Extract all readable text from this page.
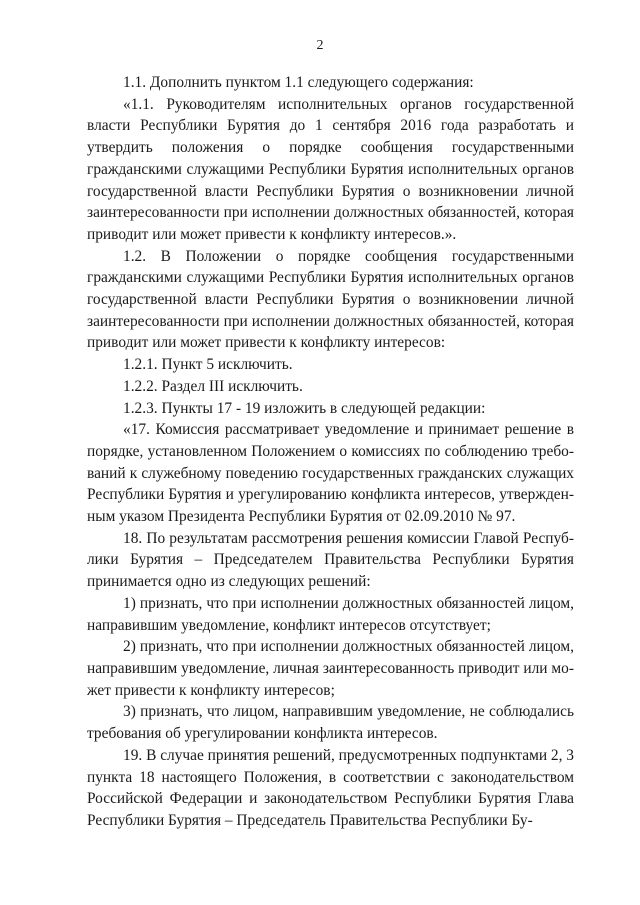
2

1.1. Дополнить пунктом 1.1 следующего содержания:

«1.1. Руководителям исполнительных органов государственной власти Республики Бурятия до 1 сентября 2016 года разработать и утвердить положения о порядке сообщения государственными гражданскими служащими Республики Бурятия исполнительных органов государственной власти Республики Бурятия о возникновении личной заинтересованности при исполнении должностных обязанностей, которая приводит или может привести к конфликту интересов.».

1.2. В Положении о порядке сообщения государственными гражданскими служащими Республики Бурятия исполнительных органов государственной власти Республики Бурятия о возникновении личной заинтересованности при исполнении должностных обязанностей, которая приводит или может привести к конфликту интересов:

1.2.1. Пункт 5 исключить.

1.2.2. Раздел III исключить.

1.2.3. Пункты 17 - 19 изложить в следующей редакции:

«17. Комиссия рассматривает уведомление и принимает решение в порядке, установленном Положением о комиссиях по соблюдению требований к служебному поведению государственных гражданских служащих Республики Бурятия и урегулированию конфликта интересов, утвержденным указом Президента Республики Бурятия от 02.09.2010 № 97.

18. По результатам рассмотрения решения комиссии Главой Республики Бурятия – Председателем Правительства Республики Бурятия принимается одно из следующих решений:

1) признать, что при исполнении должностных обязанностей лицом, направившим уведомление, конфликт интересов отсутствует;

2) признать, что при исполнении должностных обязанностей лицом, направившим уведомление, личная заинтересованность приводит или может привести к конфликту интересов;

3) признать, что лицом, направившим уведомление, не соблюдались требования об урегулировании конфликта интересов.

19. В случае принятия решений, предусмотренных подпунктами 2, 3 пункта 18 настоящего Положения, в соответствии с законодательством Российской Федерации и законодательством Республики Бурятия Глава Республики Бурятия – Председатель Правительства Республики Бу-
